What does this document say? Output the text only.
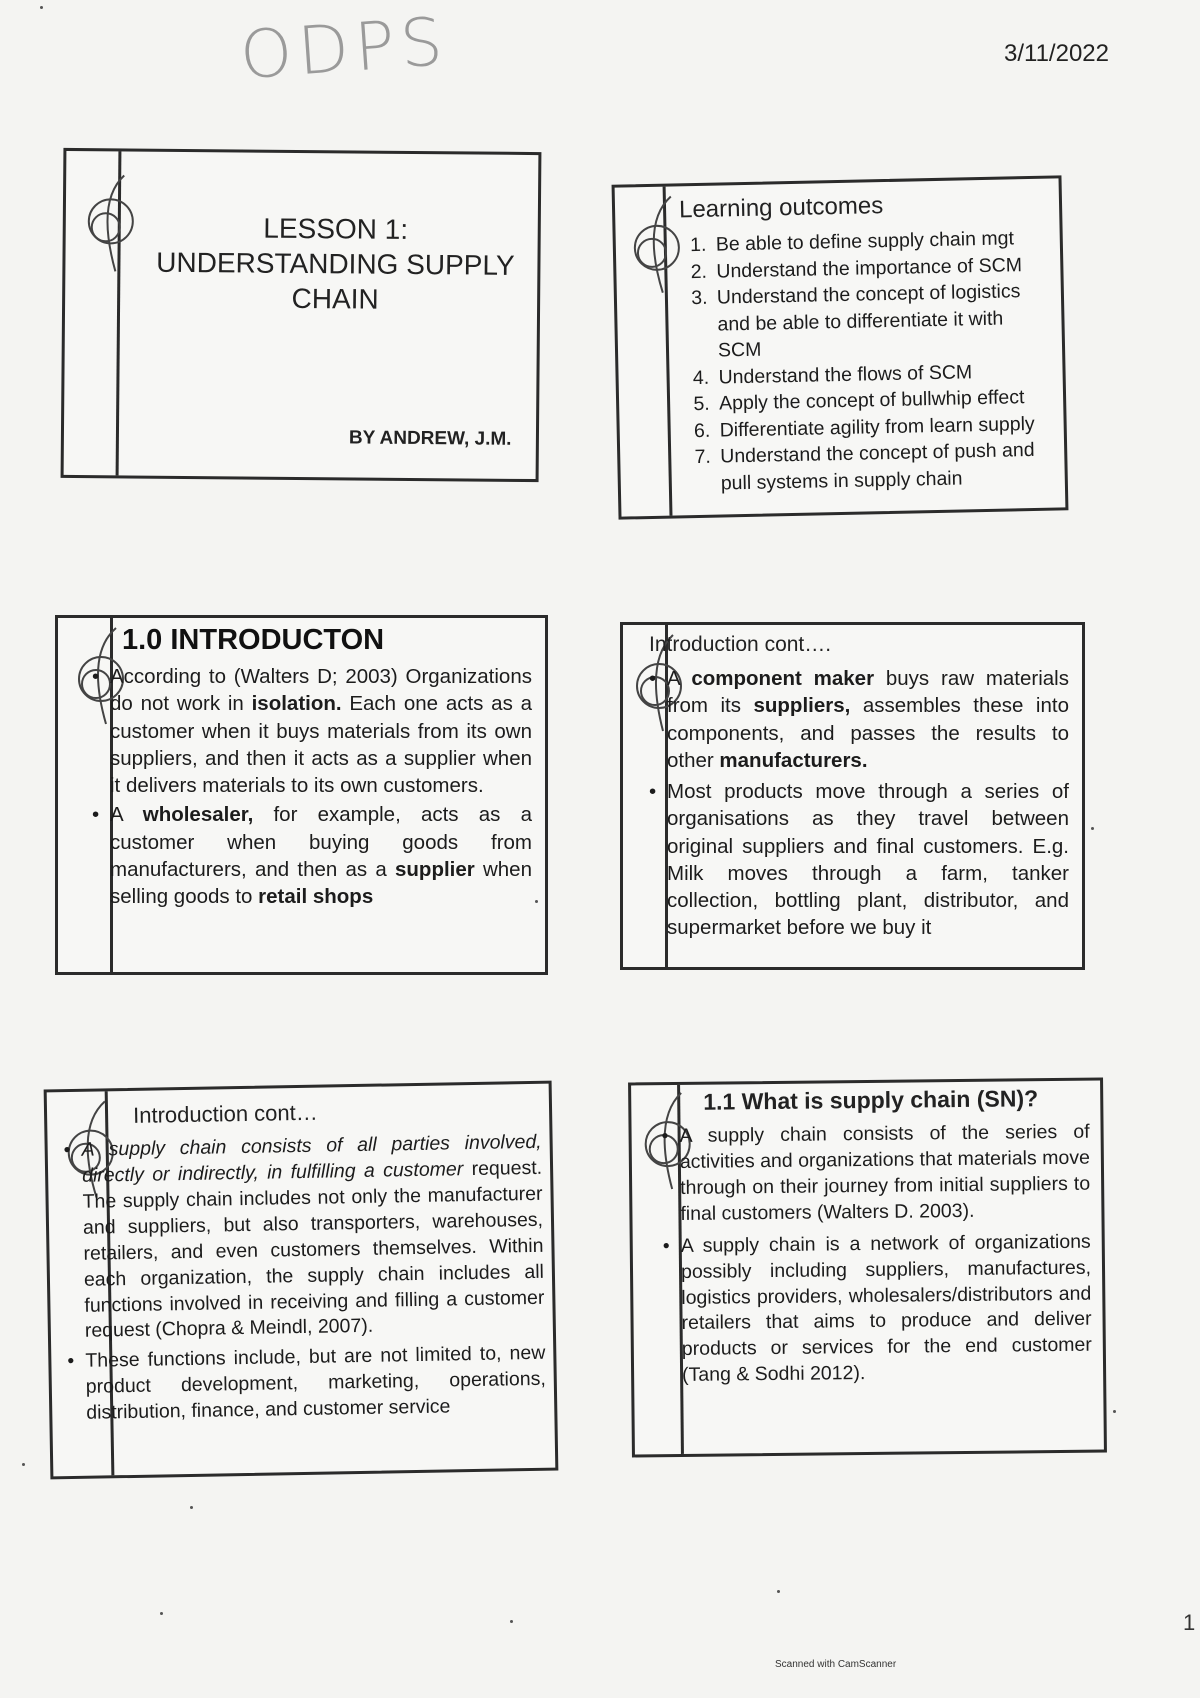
ODPS	3/11/2022
LESSON 1: UNDERSTANDING SUPPLY CHAIN
BY ANDREW, J.M.
Learning outcomes
1. Be able to define supply chain mgt
2. Understand the importance of SCM
3. Understand the concept of logistics and be able to differentiate it with SCM
4. Understand the flows of SCM
5. Apply the concept of bullwhip effect
6. Differentiate agility from learn supply
7. Understand the concept of push and pull systems in supply chain
1.0 INTRODUCTON

• According to (Walters D; 2003) Organizations do not work in isolation. Each one acts as a customer when it buys materials from its own suppliers, and then it acts as a supplier when it delivers materials to its own customers.

• A wholesaler, for example, acts as a customer when buying goods from manufacturers, and then as a supplier when selling goods to retail shops

Introduction cont….

• A component maker buys raw materials from its suppliers, assembles these into components, and passes the results to other manufacturers.

• Most products move through a series of organisations as they travel between original suppliers and final customers. E.g. Milk moves through a farm, tanker collection, bottling plant, distributor, and supermarket before we buy it

Introduction cont…

• A supply chain consists of all parties involved, directly or indirectly, in fulfilling a customer request. The supply chain includes not only the manufacturer and suppliers, but also transporters, warehouses, retailers, and even customers themselves. Within each organization, the supply chain includes all functions involved in receiving and filling a customer request (Chopra & Meindl, 2007).

• These functions include, but are not limited to, new product development, marketing, operations, distribution, finance, and customer service

1.1 What is supply chain (SN)?

• A supply chain consists of the series of activities and organizations that materials move through on their journey from initial suppliers to final customers (Walters D. 2003).

• A supply chain is a network of organizations possibly including suppliers, manufactures, logistics providers, wholesalers/distributors and retailers that aims to produce and deliver products or services for the end customer (Tang & Sodhi 2012).

1
Scanned with CamScanner
